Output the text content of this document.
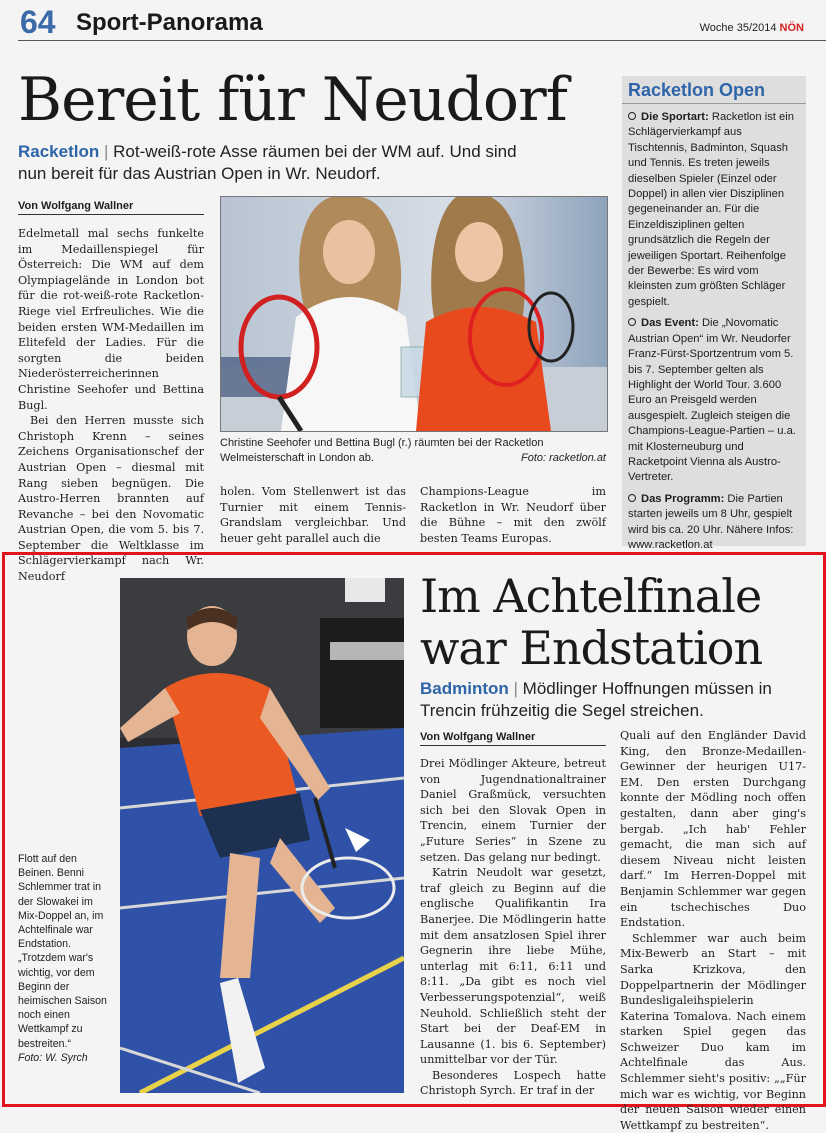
64 Sport-Panorama	Woche 35/2014 NÖN
Bereit für Neudorf
Racketlon | Rot-weiß-rote Asse räumen bei der WM auf. Und sind nun bereit für das Austrian Open in Wr. Neudorf.
Von Wolfgang Wallner

Edelmetall mal sechs funkelte im Medaillenspiegel für Österreich: Die WM auf dem Olympiagelände in London bot für die rot-weiß-rote Racketlon-Riege viel Erfreuliches. Wie die beiden ersten WM-Medaillen im Elitefeld der Ladies. Für die sorgten die beiden Niederösterreicherinnen Christine Seehofer und Bettina Bugl.

Bei den Herren musste sich Christoph Krenn – seines Zeichens Organisationschef der Austrian Open – diesmal mit Rang sieben begnügen. Die Austro-Herren brannten auf Revanche – bei den Novomatic Austrian Open, die vom 5. bis 7. September die Weltklasse im Schlägervierkampf nach Wr. Neudorf

Christine Seehofer und Bettina Bugl (r.) räumten bei der Racketlon Welmeisterschaft in London ab.	Foto: racketlon.at

holen. Vom Stellenwert ist das Turnier mit einem Tennis-Grandslam vergleichbar. Und heuer geht parallel auch die

Champions-League im Racketlon in Wr. Neudorf über die Bühne – mit den zwölf besten Teams Europas.

Racketlon Open
Die Sportart: Racketlon ist ein Schlägervierkampf aus Tischtennis, Badminton, Squash und Tennis. Es treten jeweils dieselben Spieler (Einzel oder Doppel) in allen vier Disziplinen gegeneinander an. Für die Einzeldisziplinen gelten grundsätzlich die Regeln der jeweiligen Sportart. Reihenfolge der Bewerbe: Es wird vom kleinsten zum größten Schläger gespielt.
Das Event: Die „Novomatic Austrian Open“ im Wr. Neudorfer Franz-Fürst-Sportzentrum vom 5. bis 7. September gelten als Highlight der World Tour. 3.600 Euro an Preisgeld werden ausgespielt. Zugleich steigen die Champions-League-Partien – u.a. mit Klosterneuburg und Racketpoint Vienna als Austro-Vertreter.
Das Programm: Die Partien starten jeweils um 8 Uhr, gespielt wird bis ca. 20 Uhr. Nähere Infos: www.racketlon.at
Flott auf den Beinen. Benni Schlemmer trat in der Slowakei im Mix-Doppel an, im Achtelfinale war Endstation. „Trotzdem war's wichtig, vor dem Beginn der heimischen Saison noch einen Wettkampf zu bestreiten.“
Foto: W. Syrch
Im Achtelfinale
war Endstation
Badminton | Mödlinger Hoffnungen müssen in Trencin frühzeitig die Segel streichen.
Von Wolfgang Wallner

Drei Mödlinger Akteure, betreut von Jugendnationaltrainer Daniel Graßmück, versuchten sich bei den Slovak Open in Trencin, einem Turnier der „Future Series“ in Szene zu setzen. Das gelang nur bedingt.

Katrin Neudolt war gesetzt, traf gleich zu Beginn auf die englische Qualifikantin Ira Banerjee. Die Mödlingerin hatte mit dem ansatzlosen Spiel ihrer Gegnerin ihre liebe Mühe, unterlag mit 6:11, 6:11 und 8:11. „Da gibt es noch viel Verbesserungspotenzial“, weiß Neuhold. Schließlich steht der Start bei der Deaf-EM in Lausanne (1. bis 6. September) unmittelbar vor der Tür.

Besonderes Lospech hatte Christoph Syrch. Er traf in der

Quali auf den Engländer David King, den Bronze-Medaillen-Gewinner der heurigen U17-EM. Den ersten Durchgang konnte der Mödling noch offen gestalten, dann aber ging's bergab. „Ich hab' Fehler gemacht, die man sich auf diesem Niveau nicht leisten darf.“ Im Herren-Doppel mit Benjamin Schlemmer war gegen ein tschechisches Duo Endstation.

Schlemmer war auch beim Mix-Bewerb an Start – mit Sarka Krizkova, den Doppelpartnerin der Mödlinger Bundesligaleihspielerin Katerina Tomalova. Nach einem starken Spiel gegen das Schweizer Duo kam im Achtelfinale das Aus. Schlemmer sieht's positiv: „„Für mich war es wichtig, vor Beginn der neuen Saison wieder einen Wettkampf zu bestreiten“.
